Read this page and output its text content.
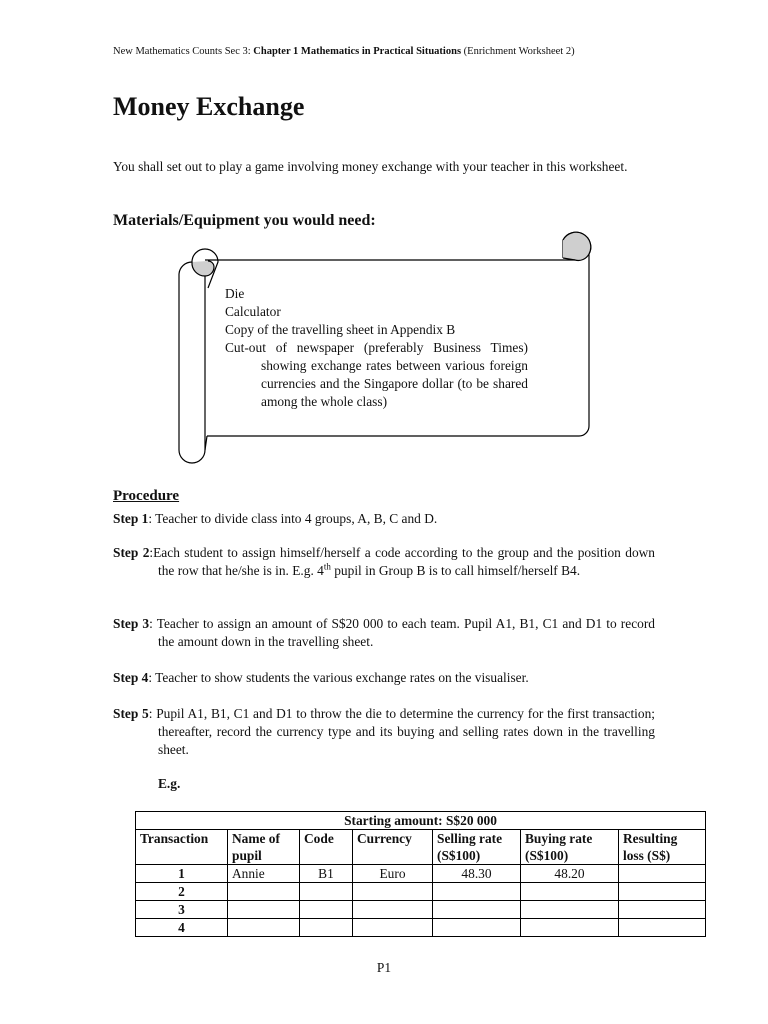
New Mathematics Counts Sec 3: Chapter 1 Mathematics in Practical Situations (Enrichment Worksheet 2)
Money Exchange

You shall set out to play a game involving money exchange with your teacher in this worksheet.

Materials/Equipment you would need:
Die
Calculator
Copy of the travelling sheet in Appendix B
Cut-out of newspaper (preferably Business Times) showing exchange rates between various foreign currencies and the Singapore dollar (to be shared among the whole class)
Procedure

Step 1: Teacher to divide class into 4 groups, A, B, C and D.

Step 2:Each student to assign himself/herself a code according to the group and the position down the row that he/she is in. E.g. 4th pupil in Group B is to call himself/herself B4.

Step 3: Teacher to assign an amount of S$20 000 to each team. Pupil A1, B1, C1 and D1 to record the amount down in the travelling sheet.

Step 4: Teacher to show students the various exchange rates on the visualiser.

Step 5: Pupil A1, B1, C1 and D1 to throw the die to determine the currency for the first transaction; thereafter, record the currency type and its buying and selling rates down in the travelling sheet.

E.g.

Starting amount: S$20 000						
Transaction	Name of pupil	Code	Currency	Selling rate (S$100)	Buying rate (S$100)	Resulting loss (S$)
1	Annie	B1	Euro	48.30	48.20	
2						
3						
4						
P1
